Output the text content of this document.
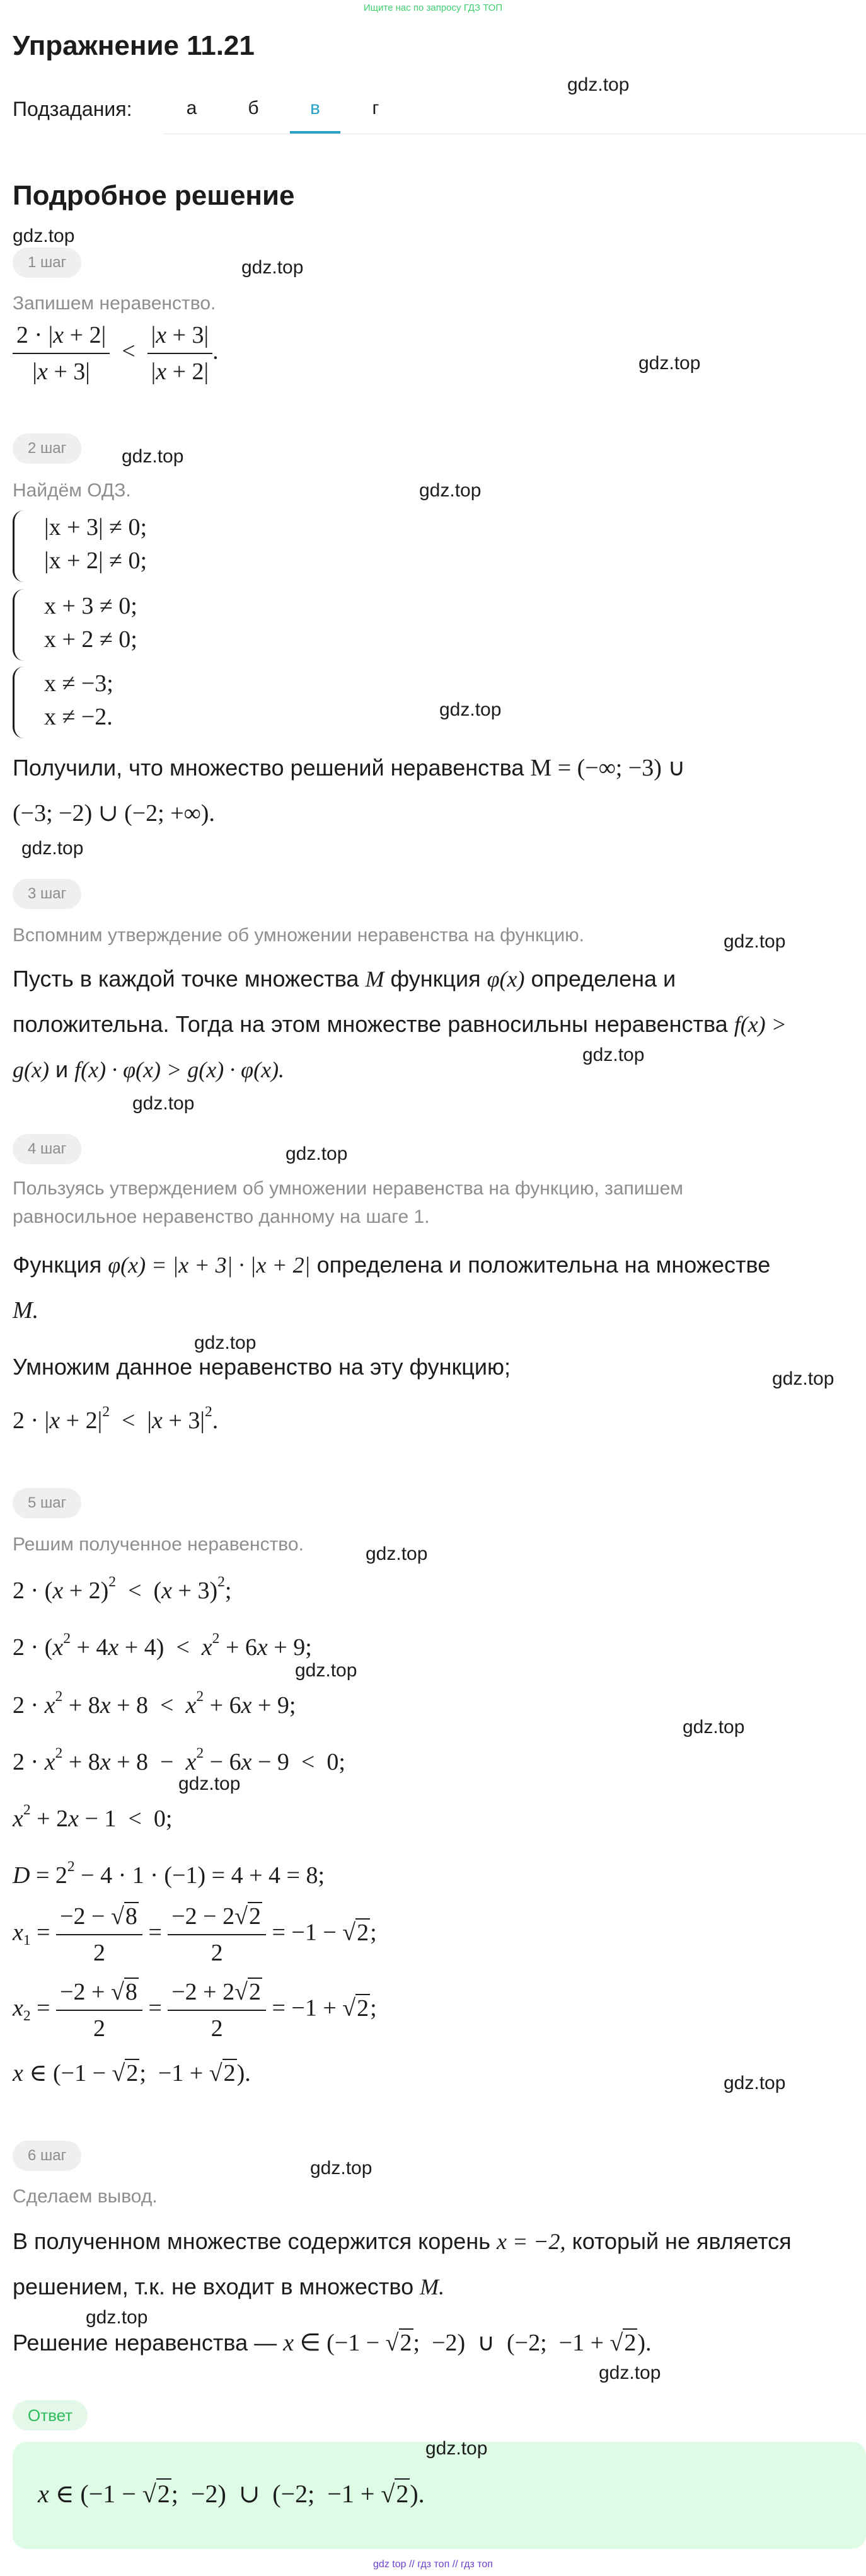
Ищите нас по запросу ГДЗ ТОП
Упражнение 11.21
gdz.top
Подзадания:	а	б	в	г
Подробное решение
gdz.top
1 шаг	gdz.top
Запишем неравенство.
$\frac{2 \cdot |x + 2|}{|x + 3|} < \frac{|x + 3|}{|x + 2|}$ .	gdz.top
2 шаг	gdz.top
Найдём ОДЗ.	gdz.top
|x + 3| ≠ 0;
|x + 2| ≠ 0;
x + 3 ≠ 0;
x + 2 ≠ 0;
x ≠ −3;
x ≠ −2.	gdz.top
Получили, что множество решений неравенства M = (−∞; −3) ∪
(−3; −2) ∪ (−2; +∞).
gdz.top
3 шаг
Вспомним утверждение об умножении неравенства на функцию.	gdz.top
Пусть в каждой точке множества M функция φ(x) определена и
положительна. Тогда на этом множестве равносильны неравенства f(x) >
gdz.top
g(x) и f(x) · φ(x) > g(x) · φ(x).
gdz.top
4 шаг	gdz.top
Пользуясь утверждением об умножении неравенства на функцию, запишем
равносильное неравенство данному на шаге 1.
Функция φ(x) = |x + 3| · |x + 2| определена и положительна на множестве
M.
gdz.top
Умножим данное неравенство на эту функцию;	gdz.top
$2 \cdot |x + 2|^2 < |x + 3|^2$.
5 шаг
Решим полученное неравенство.	gdz.top
$2 \cdot (x + 2)^2 < (x + 3)^2$;
$2 \cdot (x^2 + 4x + 4) < x^2 + 6x + 9$;
gdz.top
$2 \cdot x^2 + 8x + 8 < x^2 + 6x + 9$;
gdz.top
$2 \cdot x^2 + 8x + 8 - x^2 - 6x - 9 < 0$;
gdz.top
$x^2 + 2x - 1 < 0$;
$D = 2^2 - 4 \cdot 1 \cdot (-1) = 4 + 4 = 8$;
$x_1 = \frac{-2 - √8}{2} = \frac{-2 - 2√2}{2} = -1 - √2$;
$x_2 = \frac{-2 + √8}{2} = \frac{-2 + 2√2}{2} = -1 + √2$;
x ∈ (−1 − √2;  −1 + √2).	gdz.top
6 шаг
gdz.top
Сделаем вывод.
В полученном множестве содержится корень x = −2, который не является
решением, т.к. не входит в множество M.
gdz.top
Решение неравенства — x ∈ (−1 − √2;  −2)  ∪  (−2;  −1 + √2).
gdz.top
Ответ
gdz.top
x ∈ (−1 − √2;  −2)  ∪  (−2;  −1 + √2).
gdz top // гдз топ // гдз топ
